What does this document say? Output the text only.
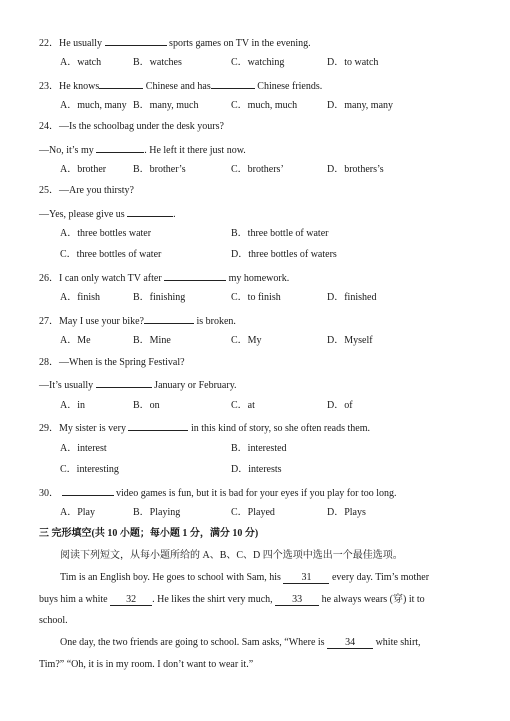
22．He usually	sports games on TV in the evening.
A．watch	B．watches	C．watching	D．to watch
23．He knows	Chinese and has	Chinese friends.
A．much, many B．many, much	C．much, much	D．many, many
24．—Is the schoolbag under the desk yours?
—No, it’s my	. He left it there just now.
A．brother	B．brother’s	C．brothers’	D．brothers’s
25．—Are you thirsty?
—Yes, please give us	.
A．three bottles water	B．three bottle of water
C．three bottles of water	D．three bottles of waters
26．I can only watch TV after	my homework.
A．finish	B．finishing	C．to finish	D．finished
27．May I use your bike?	is broken.
A．Me	B．Mine	C．My	D．Myself
28．—When is the Spring Festival?
—It’s usually	January or February.
A．in	B．on	C．at	D．of
29．My sister is very	in this kind of story, so she often reads them.
A．interest	B．interested
C．interesting	D．interests
30．	video games is fun, but it is bad for your eyes if you play for too long.
A．Play	B．Playing	C．Played	D．Plays
三 完形填空(共 10 小题；每小题 1 分，满分 10 分)
阅读下列短文，从每小题所给的 A、B、C、D 四个选项中选出一个最佳选项。
Tim is an English boy. He goes to school with Sam, his 31 every day. Tim’s mother
buys him a white 32 . He likes the shirt very much, 33 he always wears (穿) it to
school.
One day, the two friends are going to school. Sam asks, “Where is 34 white shirt,
Tim?” “Oh, it is in my room. I don’t want to wear it.”
